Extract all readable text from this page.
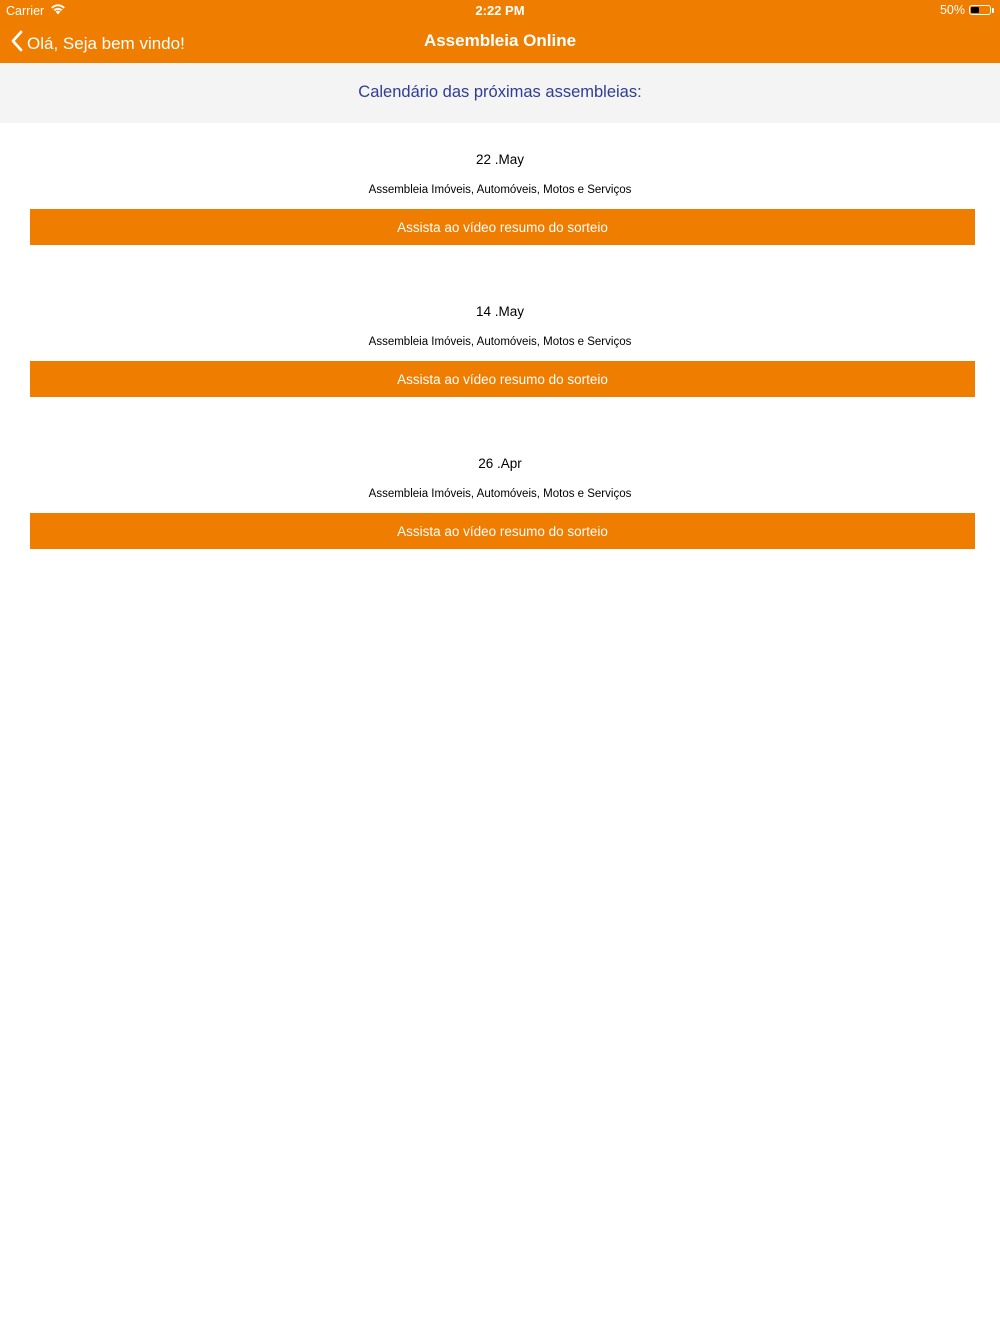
Carrier	2:22 PM	50%
Olá, Seja bem vindo!	Assembleia Online
Calendário das próximas assembleias:
22 .May
Assembleia Imóveis, Automóveis, Motos e Serviços
Assista ao vídeo resumo do sorteio
14 .May
Assembleia Imóveis, Automóveis, Motos e Serviços
Assista ao vídeo resumo do sorteio
26 .Apr
Assembleia Imóveis, Automóveis, Motos e Serviços
Assista ao vídeo resumo do sorteio
